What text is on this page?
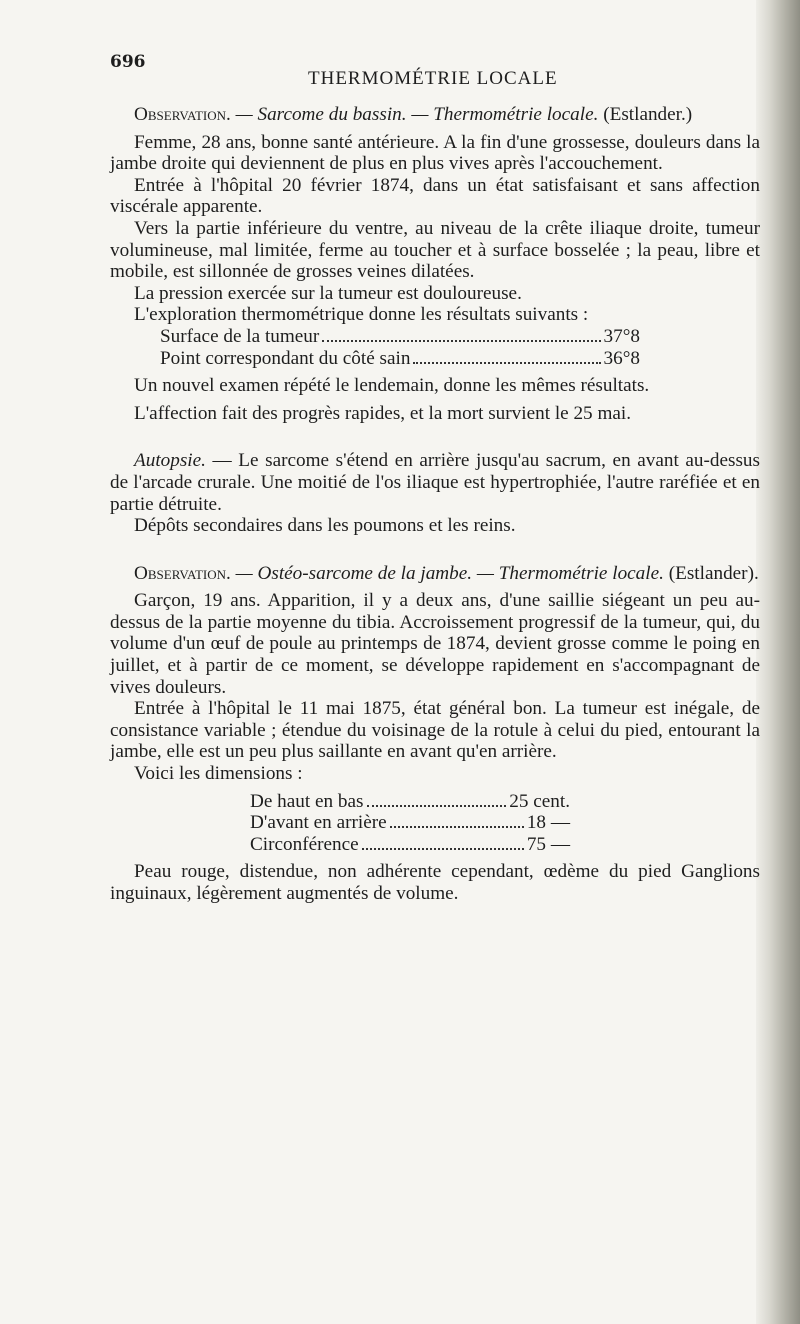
696
THERMOMÉTRIE LOCALE

Observation. — Sarcome du bassin. — Thermométrie locale. (Estlander.)

Femme, 28 ans, bonne santé antérieure. A la fin d'une grossesse, douleurs dans la jambe droite qui deviennent de plus en plus vives après l'accouchement.

Entrée à l'hôpital 20 février 1874, dans un état satisfaisant et sans affection viscérale apparente.

Vers la partie inférieure du ventre, au niveau de la crête iliaque droite, tumeur volumineuse, mal limitée, ferme au toucher et à surface bosselée ; la peau, libre et mobile, est sillonnée de grosses veines dilatées.

La pression exercée sur la tumeur est douloureuse.

L'exploration thermométrique donne les résultats suivants :

Surface de la tumeur	37°8
Point correspondant du côté sain	36°8

Un nouvel examen répété le lendemain, donne les mêmes résultats.

L'affection fait des progrès rapides, et la mort survient le 25 mai.

Autopsie. — Le sarcome s'étend en arrière jusqu'au sacrum, en avant au-dessus de l'arcade crurale. Une moitié de l'os iliaque est hypertrophiée, l'autre raréfiée et en partie détruite.

Dépôts secondaires dans les poumons et les reins.

Observation. — Ostéo-sarcome de la jambe. — Thermométrie locale. (Estlander).

Garçon, 19 ans. Apparition, il y a deux ans, d'une saillie siégeant un peu au-dessus de la partie moyenne du tibia. Accroissement progressif de la tumeur, qui, du volume d'un œuf de poule au printemps de 1874, devient grosse comme le poing en juillet, et à partir de ce moment, se développe rapidement en s'accompagnant de vives douleurs.

Entrée à l'hôpital le 11 mai 1875, état général bon. La tumeur est inégale, de consistance variable ; étendue du voisinage de la rotule à celui du pied, entourant la jambe, elle est un peu plus saillante en avant qu'en arrière.

Voici les dimensions :

De haut en bas	25 cent.
D'avant en arrière	18 —
Circonférence	75 —

Peau rouge, distendue, non adhérente cependant, œdème du pied Ganglions inguinaux, légèrement augmentés de volume.
